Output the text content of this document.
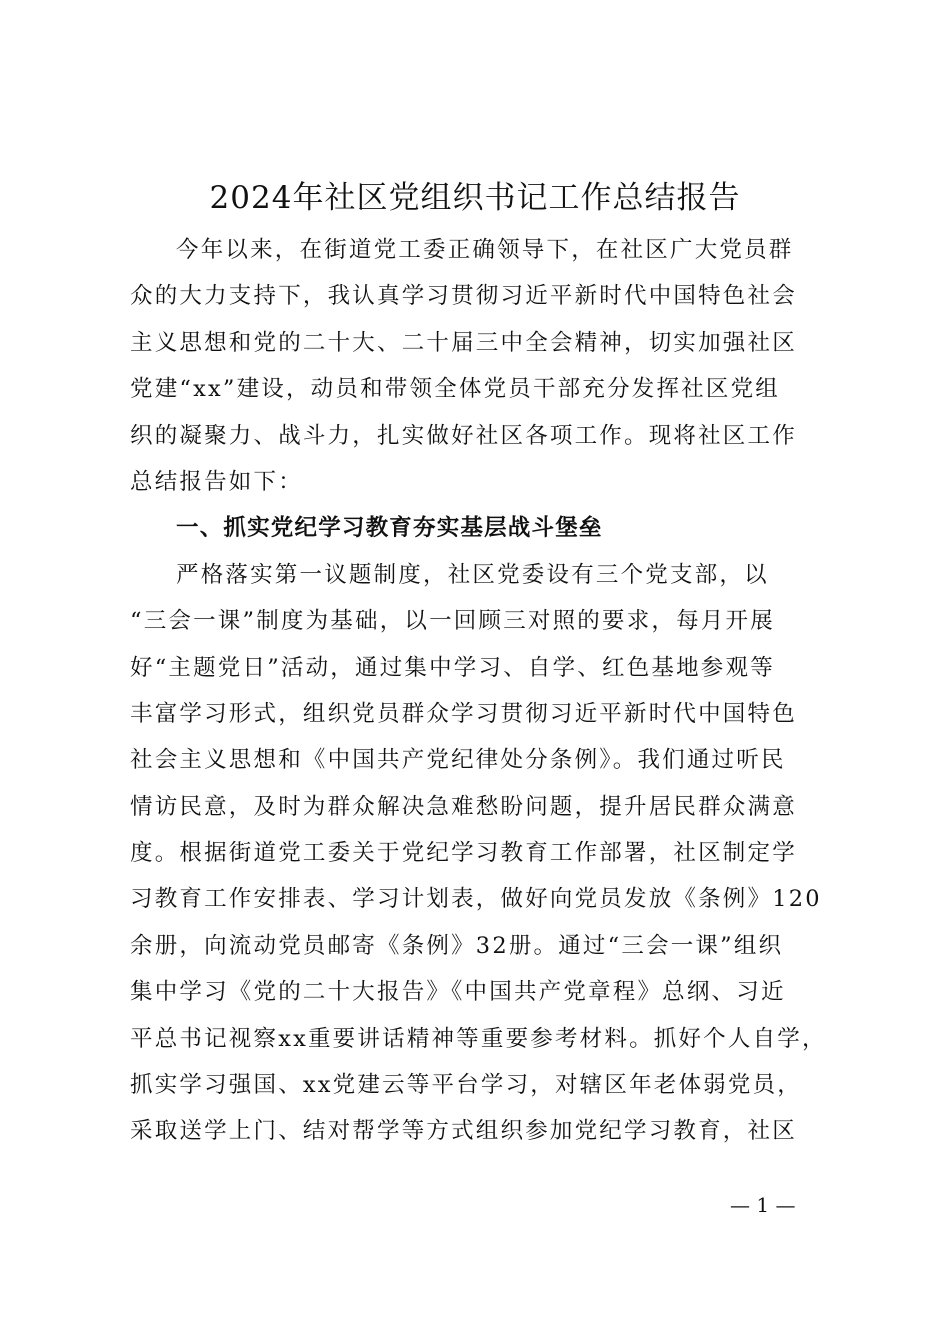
2024年社区党组织书记工作总结报告
今年以来，在街道党工委正确领导下，在社区广大党员群
众的大力支持下，我认真学习贯彻习近平新时代中国特色社会
主义思想和党的二十大、二十届三中全会精神，切实加强社区
党建“xx”建设，动员和带领全体党员干部充分发挥社区党组
织的凝聚力、战斗力，扎实做好社区各项工作。现将社区工作
总结报告如下：
一、抓实党纪学习教育夯实基层战斗堡垒
严格落实第一议题制度，社区党委设有三个党支部，以
“三会一课”制度为基础，以一回顾三对照的要求，每月开展
好“主题党日”活动，通过集中学习、自学、红色基地参观等
丰富学习形式，组织党员群众学习贯彻习近平新时代中国特色
社会主义思想和《中国共产党纪律处分条例》。我们通过听民
情访民意，及时为群众解决急难愁盼问题，提升居民群众满意
度。根据街道党工委关于党纪学习教育工作部署，社区制定学
习教育工作安排表、学习计划表，做好向党员发放《条例》120
余册，向流动党员邮寄《条例》32册。通过“三会一课”组织
集中学习《党的二十大报告》《中国共产党章程》总纲、习近
平总书记视察xx重要讲话精神等重要参考材料。抓好个人自学，
抓实学习强国、xx党建云等平台学习，对辖区年老体弱党员，
采取送学上门、结对帮学等方式组织参加党纪学习教育，社区
— 1 —
